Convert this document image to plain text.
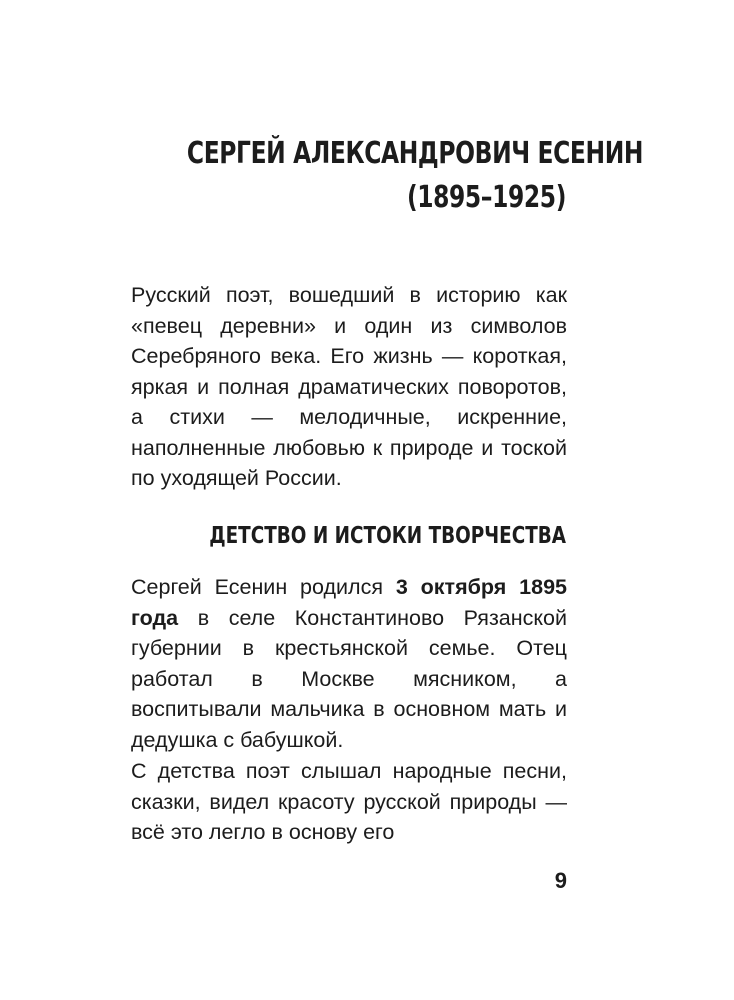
СЕРГЕЙ АЛЕКСАНДРОВИЧ ЕСЕНИН
(1895–1925)

Русский поэт, вошедший в историю как «певец деревни» и один из символов Серебряного века. Его жизнь — короткая, яркая и полная драматических поворотов, а стихи — мелодичные, искренние, наполненные любовью к природе и тоской по уходящей России.

ДЕТСТВО И ИСТОКИ ТВОРЧЕСТВА

Сергей Есенин родился 3 октября 1895 года в селе Константиново Рязанской губернии в крестьянской семье. Отец работал в Москве мясником, а воспитывали мальчика в основном мать и дедушка с бабушкой.

С детства поэт слышал народные песни, сказки, видел красоту русской природы — всё это легло в основу его

9
